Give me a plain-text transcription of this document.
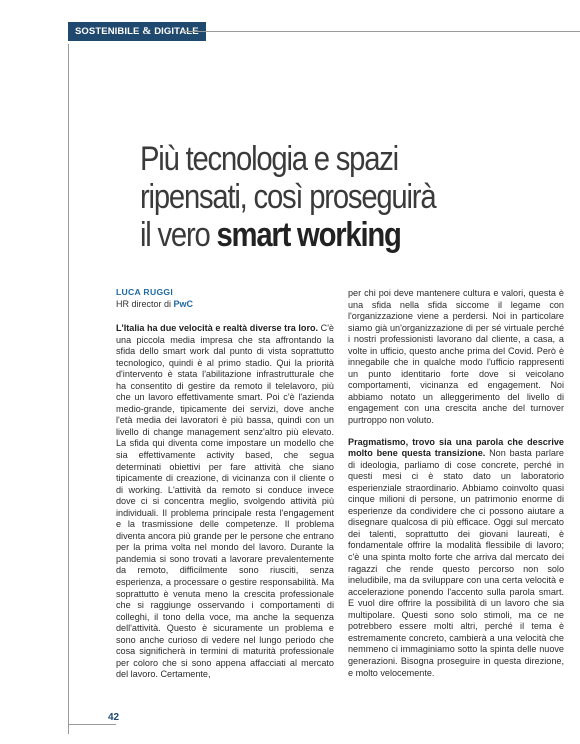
SOSTENIBILE & DIGITALE
Più tecnologia e spazi
ripensati, così proseguirà
il vero smart working
LUCA RUGGI
HR director di PwC

L'Italia ha due velocità e realtà diverse tra loro. C'è una piccola media impresa che sta affrontando la sfida dello smart work dal punto di vista soprattutto tecnologico, quindi è al primo stadio. Qui la priorità d'intervento è stata l'abilitazione infrastrutturale che ha consentito di gestire da remoto il telelavoro, più che un lavoro effettivamente smart. Poi c'è l'azienda medio-grande, tipicamente dei servizi, dove anche l'età media dei lavoratori è più bassa, quindi con un livello di change management senz'altro più elevato. La sfida qui diventa come impostare un modello che sia effettivamente activity based, che segua determinati obiettivi per fare attività che siano tipicamente di creazione, di vicinanza con il cliente o di working. L'attività da remoto si conduce invece dove ci si concentra meglio, svolgendo attività più individuali. Il problema principale resta l'engagement e la trasmissione delle competenze. Il problema diventa ancora più grande per le persone che entrano per la prima volta nel mondo del lavoro. Durante la pandemia si sono trovati a lavorare prevalentemente da remoto, difficilmente sono riusciti, senza esperienza, a processare o gestire responsabilità. Ma soprattutto è venuta meno la crescita professionale che si raggiunge osservando i comportamenti di colleghi, il tono della voce, ma anche la sequenza dell'attività. Questo è sicuramente un problema e sono anche curioso di vedere nel lungo periodo che cosa significherà in termini di maturità professionale per coloro che si sono appena affacciati al mercato del lavoro. Certamente,

per chi poi deve mantenere cultura e valori, questa è una sfida nella sfida siccome il legame con l'organizzazione viene a perdersi. Noi in particolare siamo già un'organizzazione di per sé virtuale perché i nostri professionisti lavorano dal cliente, a casa, a volte in ufficio, questo anche prima del Covid. Però è innegabile che in qualche modo l'ufficio rappresenti un punto identitario forte dove si veicolano comportamenti, vicinanza ed engagement. Noi abbiamo notato un alleggerimento del livello di engagement con una crescita anche del turnover purtroppo non voluto.

Pragmatismo, trovo sia una parola che descrive molto bene questa transizione. Non basta parlare di ideologia, parliamo di cose concrete, perché in questi mesi ci è stato dato un laboratorio esperienziale straordinario. Abbiamo coinvolto quasi cinque milioni di persone, un patrimonio enorme di esperienze da condividere che ci possono aiutare a disegnare qualcosa di più efficace. Oggi sul mercato dei talenti, soprattutto dei giovani laureati, è fondamentale offrire la modalità flessibile di lavoro; c'è una spinta molto forte che arriva dal mercato dei ragazzi che rende questo percorso non solo ineludibile, ma da sviluppare con una certa velocità e accelerazione ponendo l'accento sulla parola smart. E vuol dire offrire la possibilità di un lavoro che sia multipolare. Questi sono solo stimoli, ma ce ne potrebbero essere molti altri, perché il tema è estremamente concreto, cambierà a una velocità che nemmeno ci immaginiamo sotto la spinta delle nuove generazioni. Bisogna proseguire in questa direzione, e molto velocemente.

42
